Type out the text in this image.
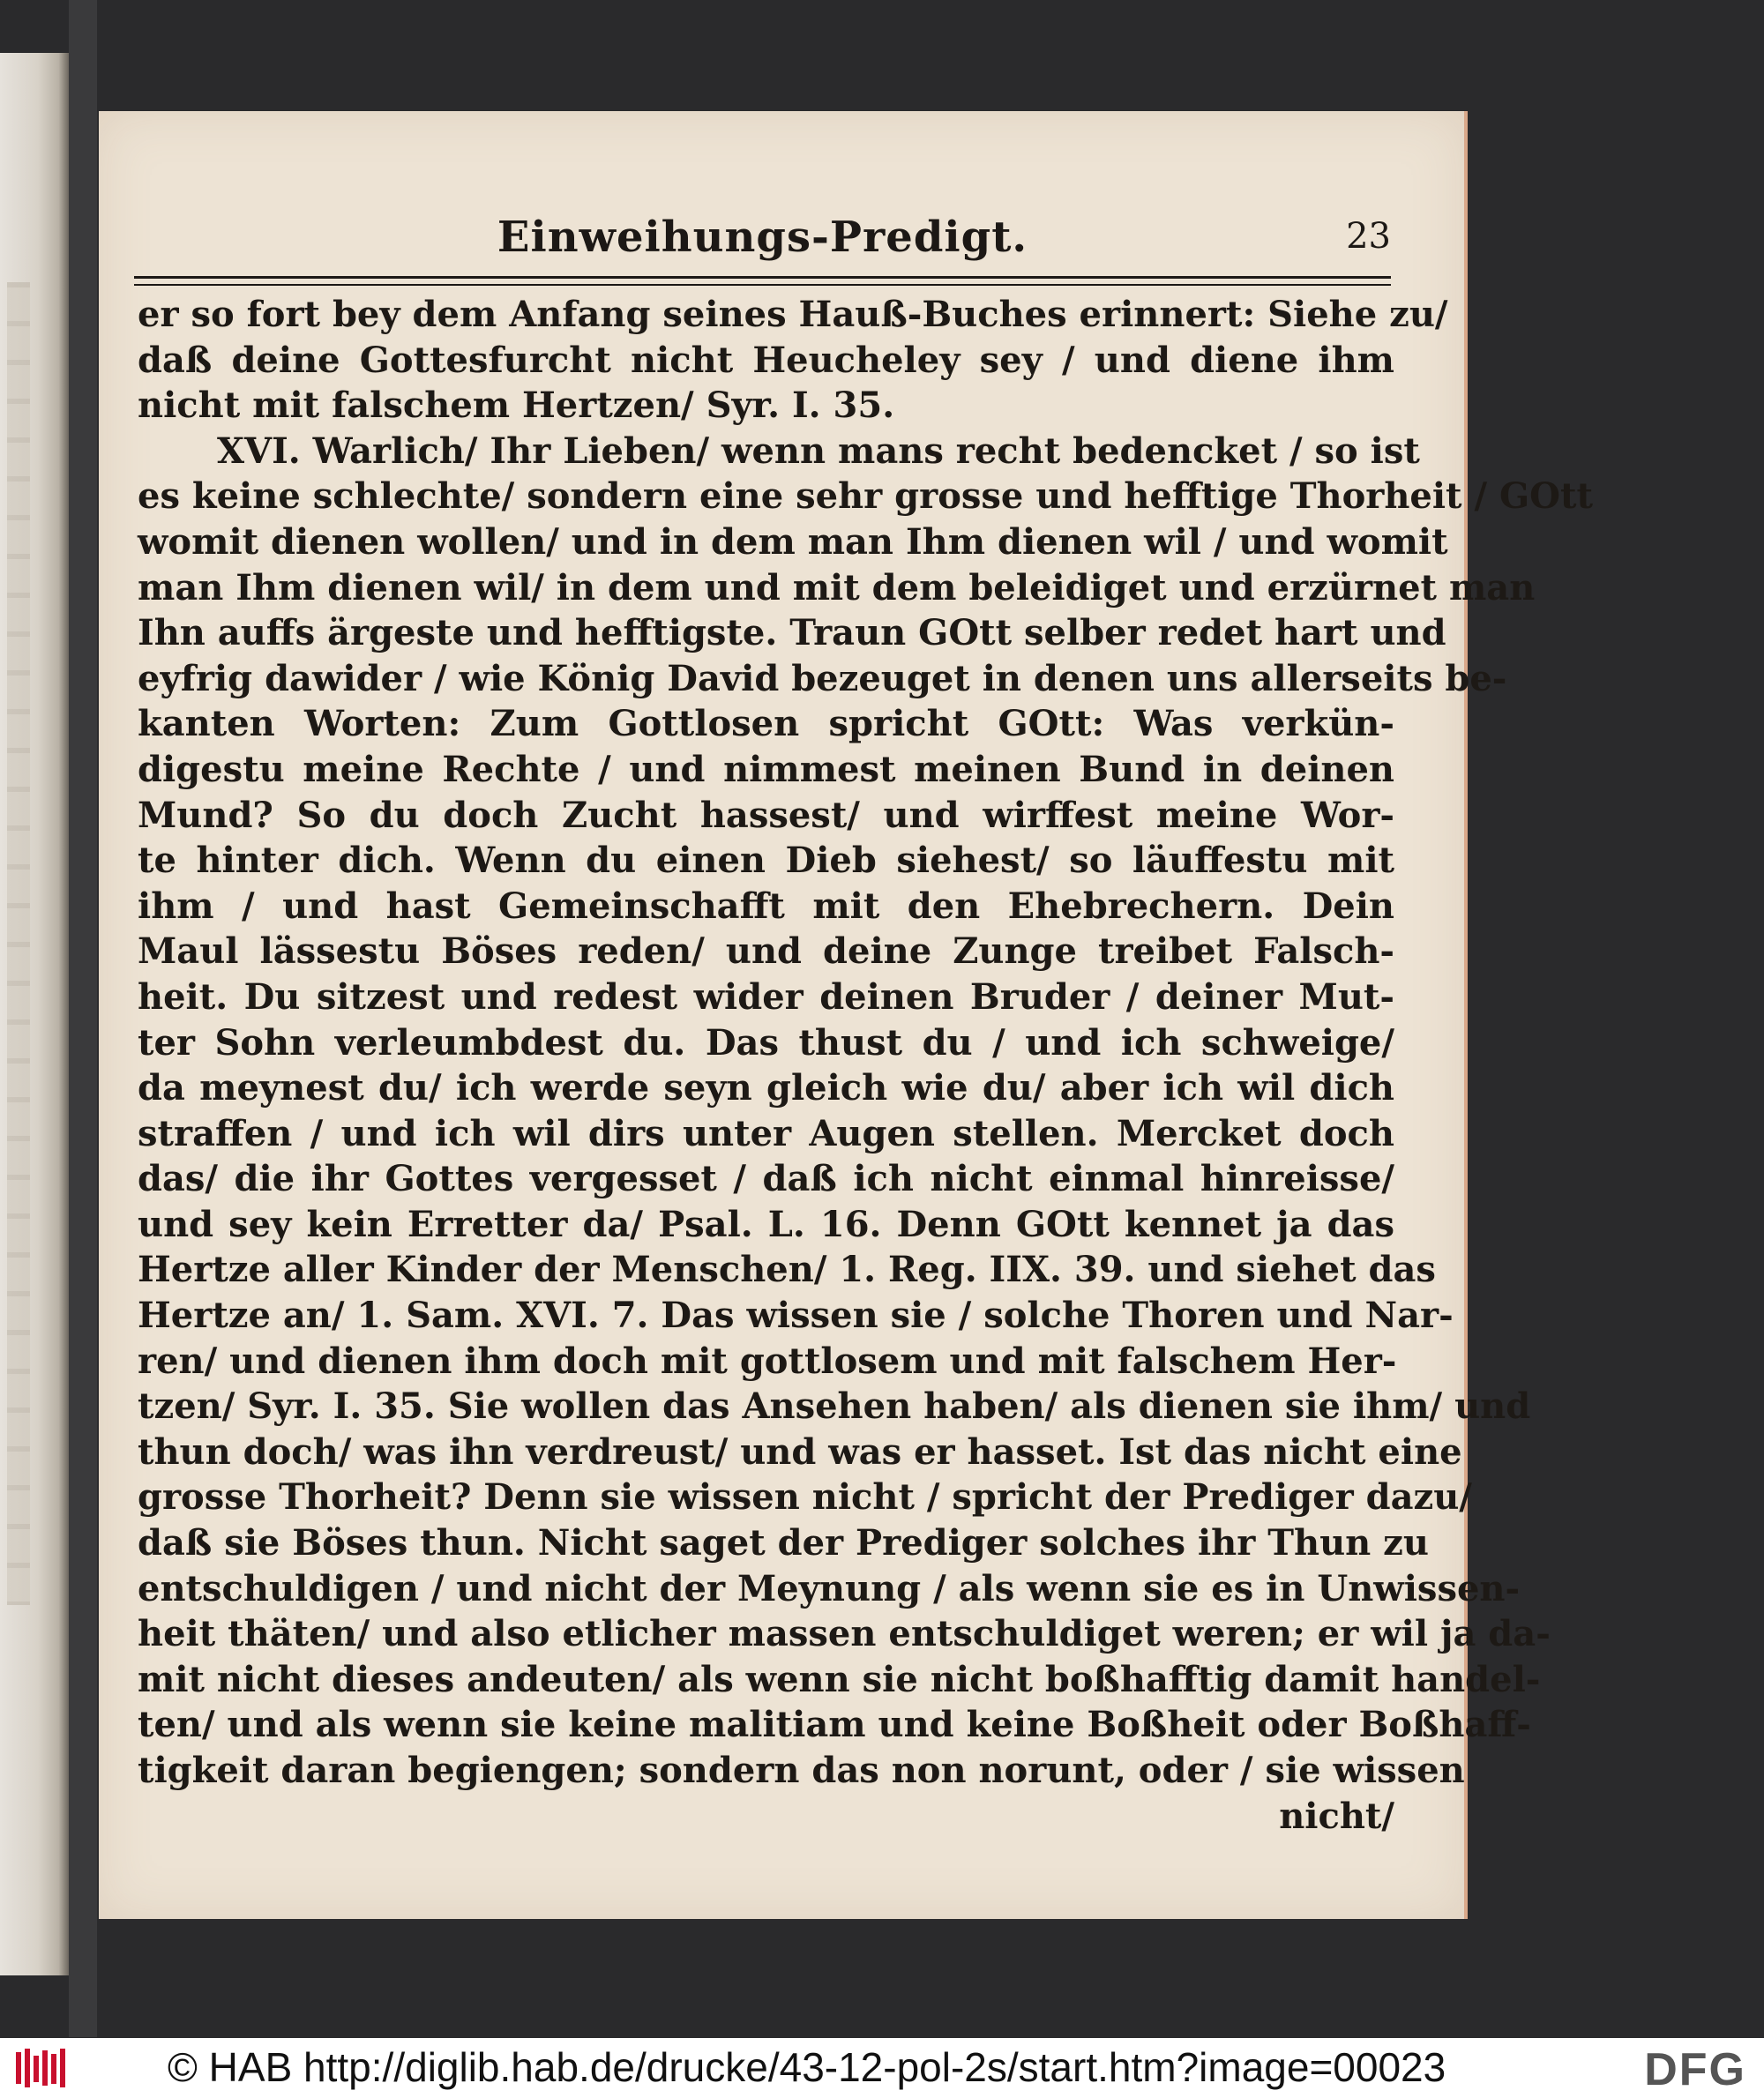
Einweihungs-Predigt.	23
er so fort bey dem Anfang seines Hauß-Buches erinnert: Siehe zu/
daß deine Gottesfurcht nicht Heucheley sey / und diene ihm
nicht mit falschem Hertzen/ Syr. I. 35.
XVI. Warlich/ Ihr Lieben/ wenn mans recht bedencket / so ist
es keine schlechte/ sondern eine sehr grosse und hefftige Thorheit / GOtt
womit dienen wollen/ und in dem man Ihm dienen wil / und womit
man Ihm dienen wil/ in dem und mit dem beleidiget und erzürnet man
Ihn auffs ärgeste und hefftigste. Traun GOtt selber redet hart und
eyfrig dawider / wie König David bezeuget in denen uns allerseits be-
kanten Worten: Zum Gottlosen spricht GOtt: Was verkün-
digestu meine Rechte / und nimmest meinen Bund in deinen
Mund? So du doch Zucht hassest/ und wirffest meine Wor-
te hinter dich. Wenn du einen Dieb siehest/ so läuffestu mit
ihm / und hast Gemeinschafft mit den Ehebrechern. Dein
Maul lässestu Böses reden/ und deine Zunge treibet Falsch-
heit. Du sitzest und redest wider deinen Bruder / deiner Mut-
ter Sohn verleumbdest du. Das thust du / und ich schweige/
da meynest du/ ich werde seyn gleich wie du/ aber ich wil dich
straffen / und ich wil dirs unter Augen stellen. Mercket doch
das/ die ihr Gottes vergesset / daß ich nicht einmal hinreisse/
und sey kein Erretter da/ Psal. L. 16. Denn GOtt kennet ja das
Hertze aller Kinder der Menschen/ 1. Reg. IIX. 39. und siehet das
Hertze an/ 1. Sam. XVI. 7. Das wissen sie / solche Thoren und Nar-
ren/ und dienen ihm doch mit gottlosem und mit falschem Her-
tzen/ Syr. I. 35. Sie wollen das Ansehen haben/ als dienen sie ihm/ und
thun doch/ was ihn verdreust/ und was er hasset. Ist das nicht eine
grosse Thorheit? Denn sie wissen nicht / spricht der Prediger dazu/
daß sie Böses thun. Nicht saget der Prediger solches ihr Thun zu
entschuldigen / und nicht der Meynung / als wenn sie es in Unwissen-
heit thäten/ und also etlicher massen entschuldiget weren; er wil ja da-
mit nicht dieses andeuten/ als wenn sie nicht boßhafftig damit handel-
ten/ und als wenn sie keine malitiam und keine Boßheit oder Boßhaff-
tigkeit daran begiengen; sondern das non norunt, oder / sie wissen
nicht/
© HAB http://diglib.hab.de/drucke/43-12-pol-2s/start.htm?image=00023	DFG
